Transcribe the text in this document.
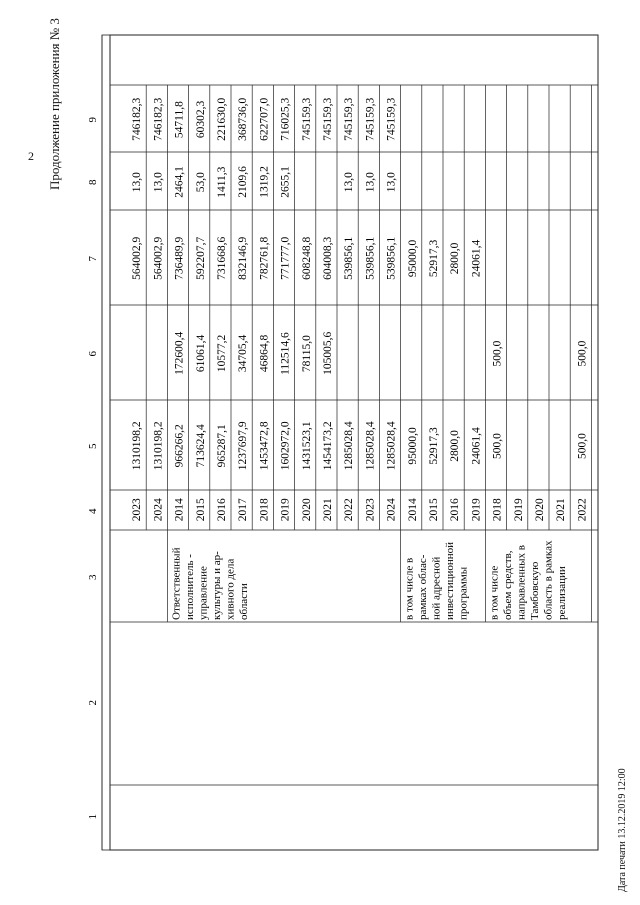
2 Продолжение приложения № 3
Дата печати 13.12.2019 12:00
1
2
3
4
5
6
7
8
9
2023
1310198,2
564002,9
13,0
746182,3
2024
1310198,2
564002,9
13,0
746182,3
2014
966266,2
172600,4
736489,9
2464,1
54711,8
2015
713624,4
61061,4
592207,7
53,0
60302,3
2016
965287,1
10577,2
731668,6
1411,3
221630,0
2017
1237697,9
34705,4
832146,9
2109,6
368736,0
2018
1453472,8
46864,8
782761,8
1319,2
622707,0
2019
1602972,0
112514,6
771777,0
2655,1
716025,3
2020
1431523,1
78115,0
608248,8
745159,3
2021
1454173,2
105005,6
604008,3
745159,3
2022
1285028,4
539856,1
13,0
745159,3
2023
1285028,4
539856,1
13,0
745159,3
2024
1285028,4
539856,1
13,0
745159,3
Ответственный исполнитель - управление культуры и ар- хивного дела области
2014
95000,0
95000,0
2015
52917,3
52917,3
2016
2800,0
2800,0
2019
24061,4
24061,4
в том числе в рамках облас- ной адресной инвестиционной программы
2018
500,0
500,0
2019 2020 2021 2022
500,0
500,0
в том числе объем средств, направленных в Тамбовскую область в рамках реализации
